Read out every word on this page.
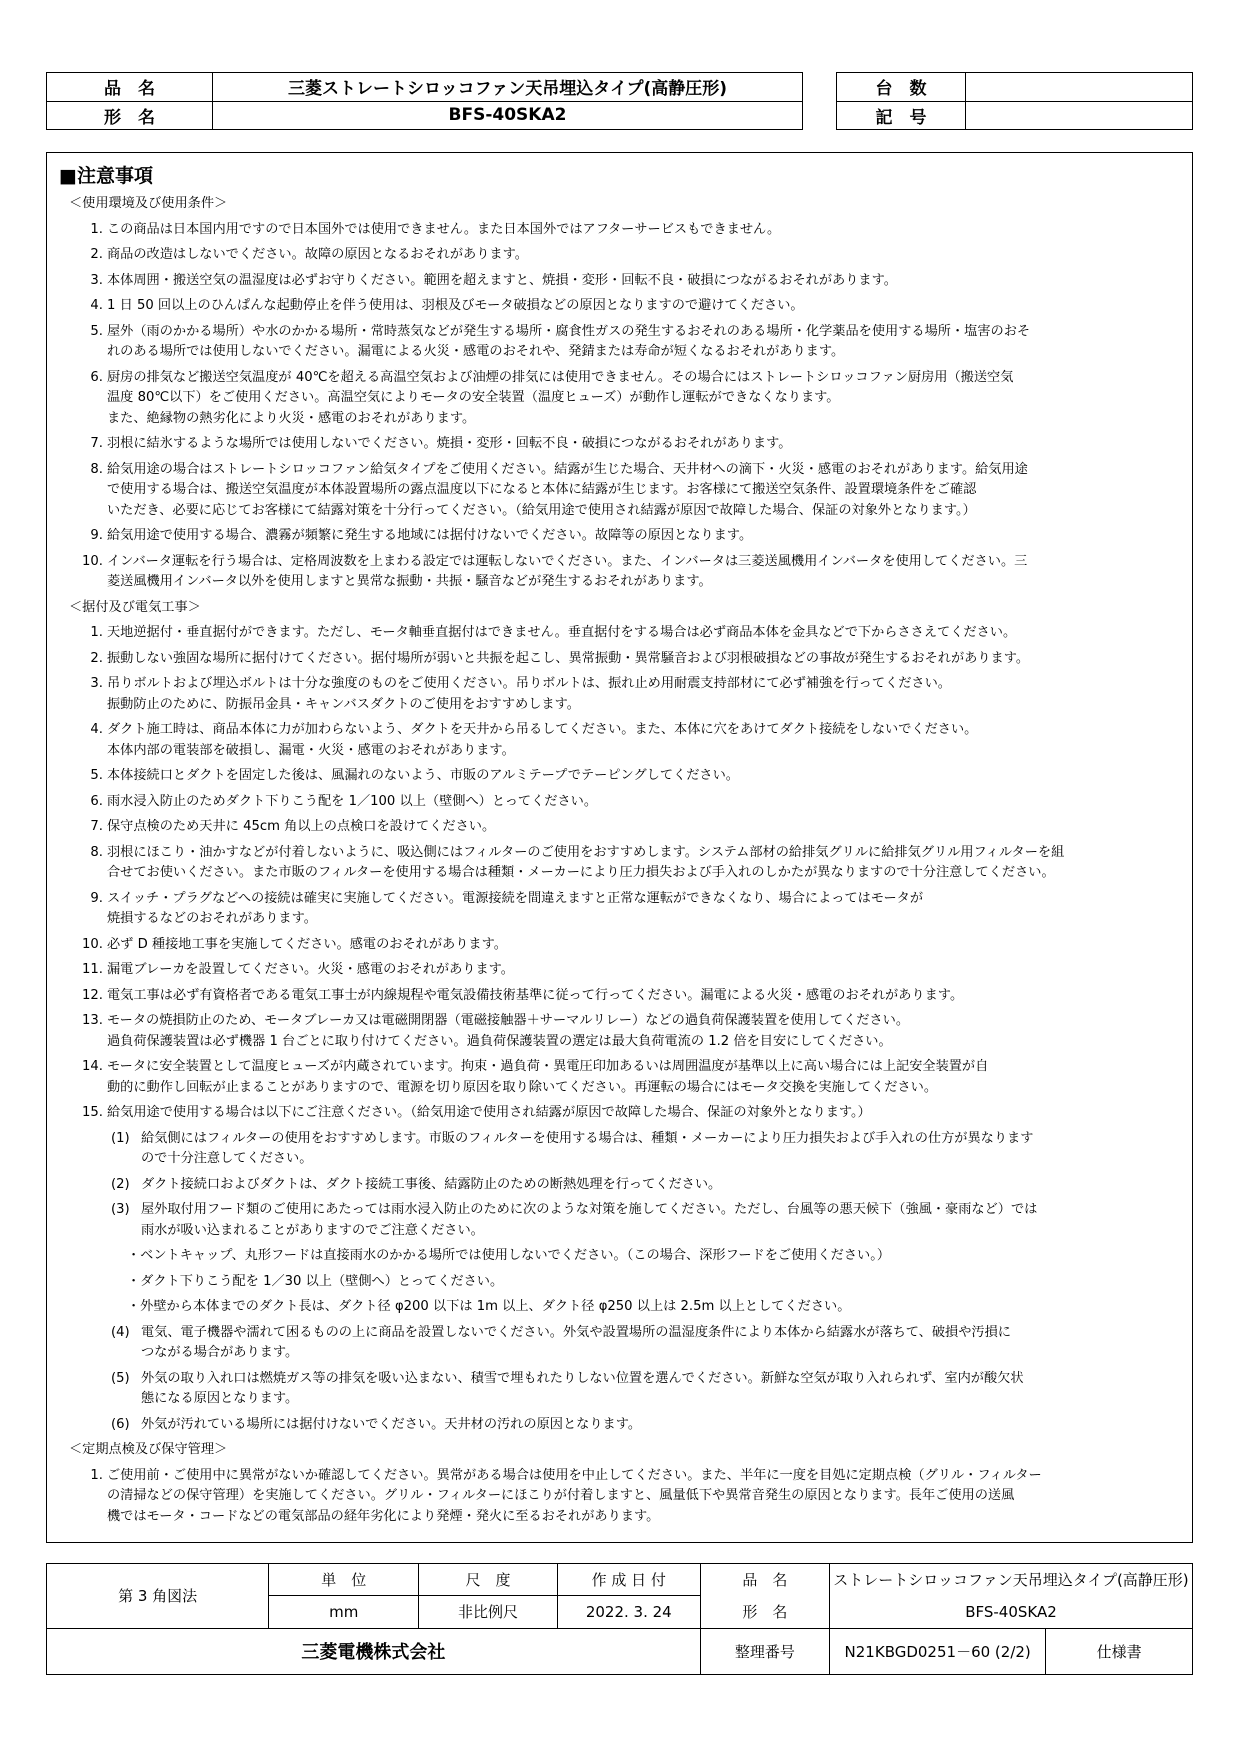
品　名	三菱ストレートシロッコファン天吊埋込タイプ(高静圧形)
形　名	BFS-40SKA2
台　数	
記　号	
■注意事項
＜使用環境及び使用条件＞
1. この商品は日本国内用ですので日本国外では使用できません。また日本国外ではアフターサービスもできません。
2. 商品の改造はしないでください。故障の原因となるおそれがあります。
3. 本体周囲・搬送空気の温湿度は必ずお守りください。範囲を超えますと、焼損・変形・回転不良・破損につながるおそれがあります。
4. 1 日 50 回以上のひんぱんな起動停止を伴う使用は、羽根及びモータ破損などの原因となりますので避けてください。
5. 屋外（雨のかかる場所）や水のかかる場所・常時蒸気などが発生する場所・腐食性ガスの発生するおそれのある場所・化学薬品を使用する場所・塩害のおそ
れのある場所では使用しないでください。漏電による火災・感電のおそれや、発錆または寿命が短くなるおそれがあります。
6. 厨房の排気など搬送空気温度が 40℃を超える高温空気および油煙の排気には使用できません。その場合にはストレートシロッコファン厨房用（搬送空気
温度 80℃以下）をご使用ください。高温空気によりモータの安全装置（温度ヒューズ）が動作し運転ができなくなります。
また、絶縁物の熱劣化により火災・感電のおそれがあります。
7. 羽根に結氷するような場所では使用しないでください。焼損・変形・回転不良・破損につながるおそれがあります。
8. 給気用途の場合はストレートシロッコファン給気タイプをご使用ください。結露が生じた場合、天井材への滴下・火災・感電のおそれがあります。給気用途
で使用する場合は、搬送空気温度が本体設置場所の露点温度以下になると本体に結露が生じます。お客様にて搬送空気条件、設置環境条件をご確認
いただき、必要に応じてお客様にて結露対策を十分行ってください。（給気用途で使用され結露が原因で故障した場合、保証の対象外となります。）
9. 給気用途で使用する場合、濃霧が頻繁に発生する地域には据付けないでください。故障等の原因となります。
10. インバータ運転を行う場合は、定格周波数を上まわる設定では運転しないでください。また、インバータは三菱送風機用インバータを使用してください。三
菱送風機用インバータ以外を使用しますと異常な振動・共振・騒音などが発生するおそれがあります。
＜据付及び電気工事＞
1. 天地逆据付・垂直据付ができます。ただし、モータ軸垂直据付はできません。垂直据付をする場合は必ず商品本体を金具などで下からささえてください。
2. 振動しない強固な場所に据付けてください。据付場所が弱いと共振を起こし、異常振動・異常騒音および羽根破損などの事故が発生するおそれがあります。
3. 吊りボルトおよび埋込ボルトは十分な強度のものをご使用ください。吊りボルトは、振れ止め用耐震支持部材にて必ず補強を行ってください。
振動防止のために、防振吊金具・キャンバスダクトのご使用をおすすめします。
4. ダクト施工時は、商品本体に力が加わらないよう、ダクトを天井から吊るしてください。また、本体に穴をあけてダクト接続をしないでください。
本体内部の電装部を破損し、漏電・火災・感電のおそれがあります。
5. 本体接続口とダクトを固定した後は、風漏れのないよう、市販のアルミテープでテーピングしてください。
6. 雨水浸入防止のためダクト下りこう配を 1／100 以上（壁側へ）とってください。
7. 保守点検のため天井に 45cm 角以上の点検口を設けてください。
8. 羽根にほこり・油かすなどが付着しないように、吸込側にはフィルターのご使用をおすすめします。システム部材の給排気グリルに給排気グリル用フィルターを組
合せてお使いください。また市販のフィルターを使用する場合は種類・メーカーにより圧力損失および手入れのしかたが異なりますので十分注意してください。
9. スイッチ・プラグなどへの接続は確実に実施してください。電源接続を間違えますと正常な運転ができなくなり、場合によってはモータが
焼損するなどのおそれがあります。
10. 必ず D 種接地工事を実施してください。感電のおそれがあります。
11. 漏電ブレーカを設置してください。火災・感電のおそれがあります。
12. 電気工事は必ず有資格者である電気工事士が内線規程や電気設備技術基準に従って行ってください。漏電による火災・感電のおそれがあります。
13. モータの焼損防止のため、モータブレーカ又は電磁開閉器（電磁接触器＋サーマルリレー）などの過負荷保護装置を使用してください。
過負荷保護装置は必ず機器 1 台ごとに取り付けてください。過負荷保護装置の選定は最大負荷電流の 1.2 倍を目安にしてください。
14. モータに安全装置として温度ヒューズが内蔵されています。拘束・過負荷・異電圧印加あるいは周囲温度が基準以上に高い場合には上記安全装置が自
動的に動作し回転が止まることがありますので、電源を切り原因を取り除いてください。再運転の場合にはモータ交換を実施してください。
15. 給気用途で使用する場合は以下にご注意ください。（給気用途で使用され結露が原因で故障した場合、保証の対象外となります。）
(1) 給気側にはフィルターの使用をおすすめします。市販のフィルターを使用する場合は、種類・メーカーにより圧力損失および手入れの仕方が異なります
ので十分注意してください。
(2) ダクト接続口およびダクトは、ダクト接続工事後、結露防止のための断熱処理を行ってください。
(3) 屋外取付用フード類のご使用にあたっては雨水浸入防止のために次のような対策を施してください。ただし、台風等の悪天候下（強風・豪雨など）では
雨水が吸い込まれることがありますのでご注意ください。
・ベントキャップ、丸形フードは直接雨水のかかる場所では使用しないでください。（この場合、深形フードをご使用ください。）
・ダクト下りこう配を 1／30 以上（壁側へ）とってください。
・外壁から本体までのダクト長は、ダクト径 φ200 以下は 1m 以上、ダクト径 φ250 以上は 2.5m 以上としてください。
(4) 電気、電子機器や濡れて困るものの上に商品を設置しないでください。外気や設置場所の温湿度条件により本体から結露水が落ちて、破損や汚損に
つながる場合があります。
(5) 外気の取り入れ口は燃焼ガス等の排気を吸い込まない、積雪で埋もれたりしない位置を選んでください。新鮮な空気が取り入れられず、室内が酸欠状
態になる原因となります。
(6) 外気が汚れている場所には据付けないでください。天井材の汚れの原因となります。
＜定期点検及び保守管理＞
1. ご使用前・ご使用中に異常がないか確認してください。異常がある場合は使用を中止してください。また、半年に一度を目処に定期点検（グリル・フィルター
の清掃などの保守管理）を実施してください。グリル・フィルターにほこりが付着しますと、風量低下や異常音発生の原因となります。長年ご使用の送風
機ではモータ・コードなどの電気部品の経年劣化により発煙・発火に至るおそれがあります。
第 3 角図法	単　位	尺　度	作 成 日 付	品　名	ストレートシロッコファン天吊埋込タイプ(高静圧形)	
	mm	非比例尺	2022. 3. 24	形　名	BFS-40SKA2	
三菱電機株式会社				整理番号	N21KBGD0251－60 (2/2)	仕様書
